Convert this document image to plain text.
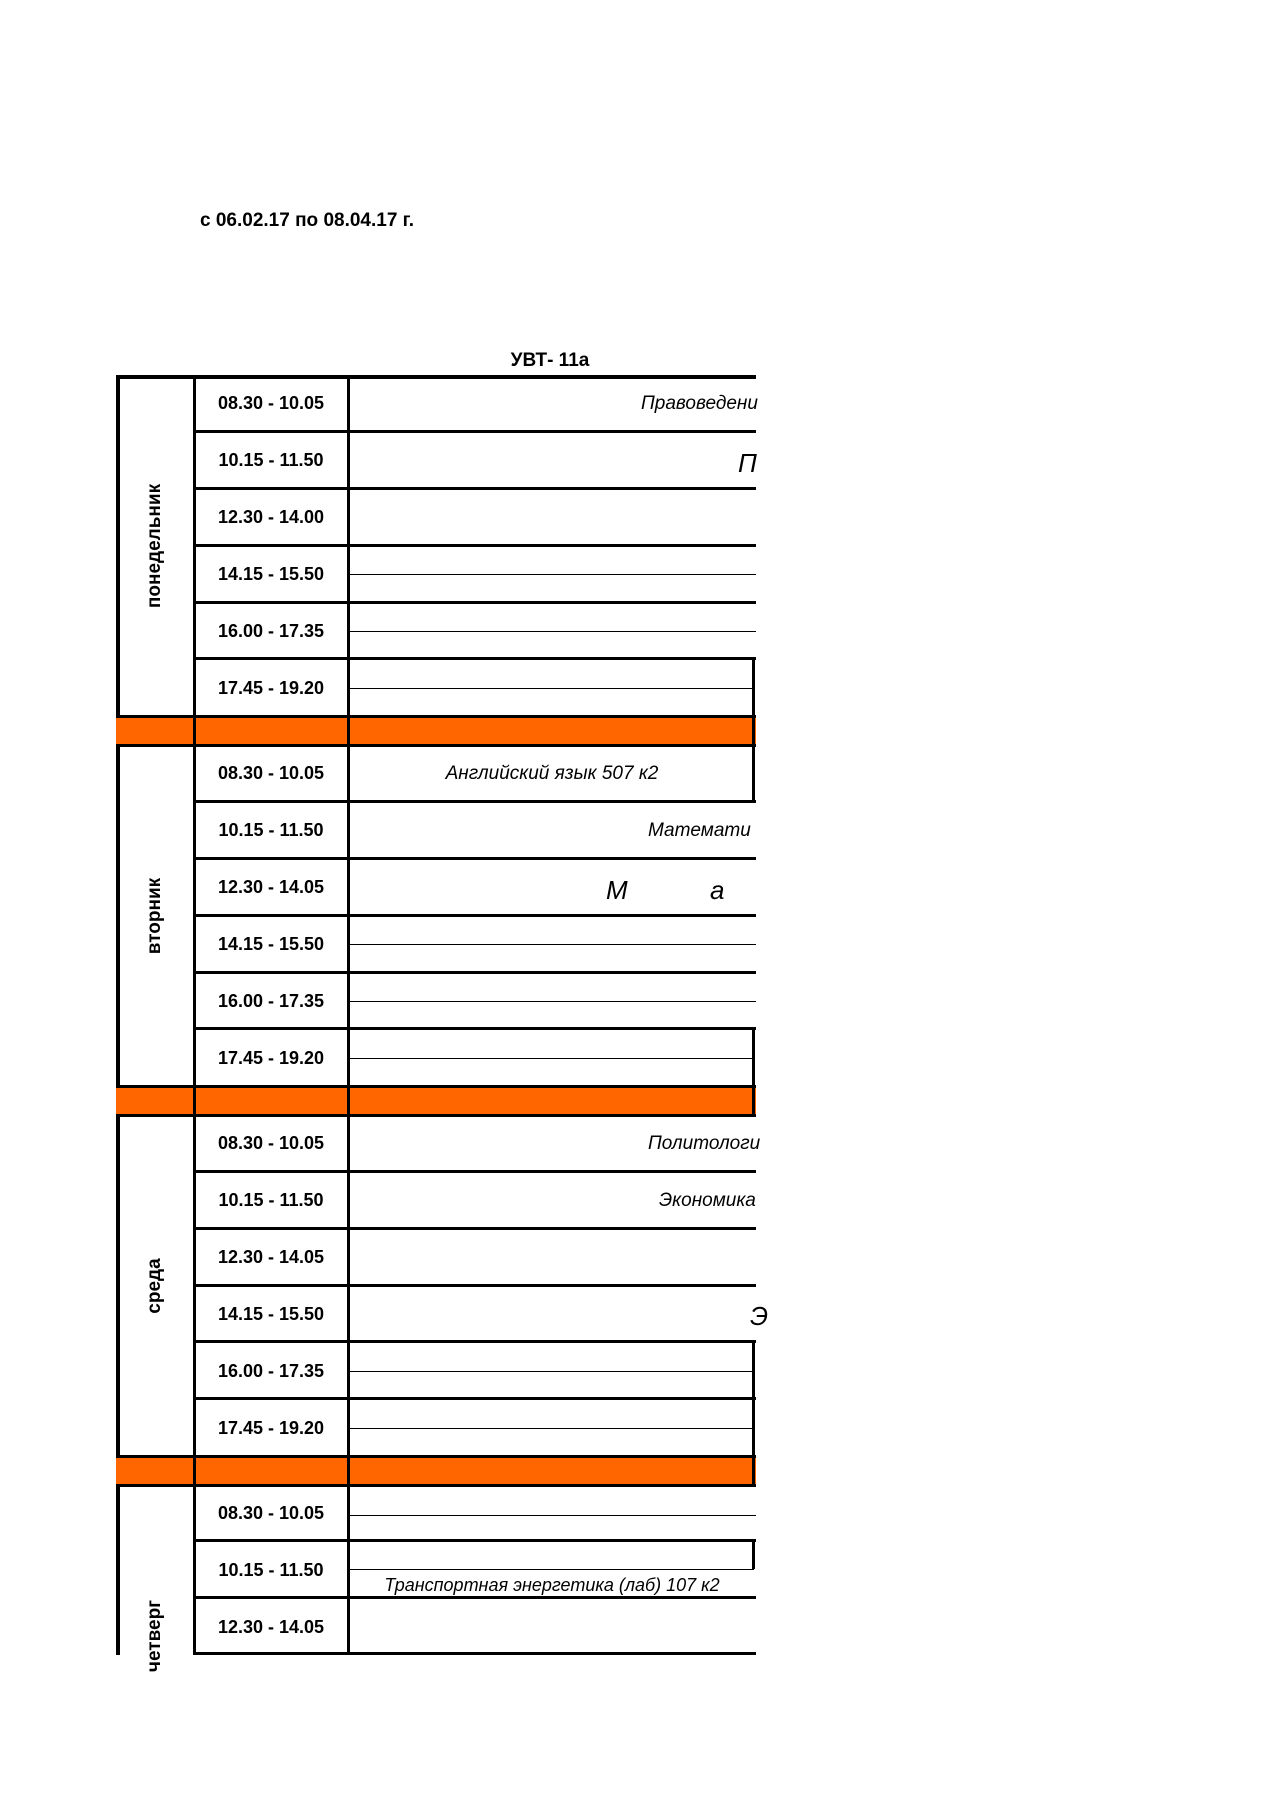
с 06.02.17 по 08.04.17 г.
УВТ- 11а
понедельник
08.30 - 10.05
10.15 - 11.50
12.30 - 14.00
14.15 - 15.50
16.00 - 17.35
17.45 - 19.20
Правоведени
П
вторник
08.30 - 10.05
10.15 - 11.50
12.30 - 14.05
14.15 - 15.50
16.00 - 17.35
17.45 - 19.20
Английский язык 507 к2
Математи
М	а
среда
08.30 - 10.05
10.15 - 11.50
12.30 - 14.05
14.15 - 15.50
16.00 - 17.35
17.45 - 19.20
Политологи
Экономика
Э
четверг
08.30 - 10.05
10.15 - 11.50
12.30 - 14.05
Транспортная энергетика (лаб) 107 к2
